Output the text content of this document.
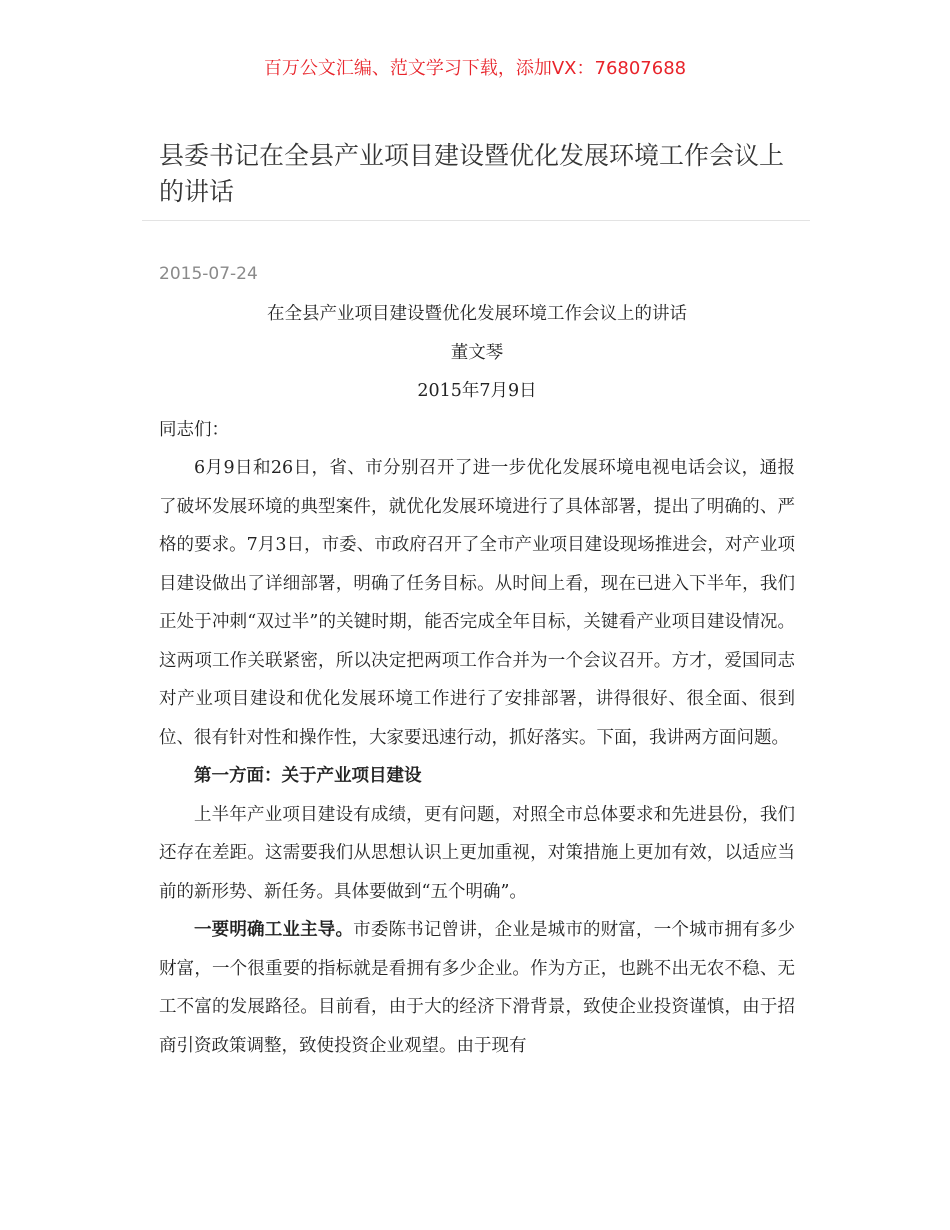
百万公文汇编、范文学习下载，添加VX：76807688
县委书记在全县产业项目建设暨优化发展环境工作会议上的讲话
2015-07-24

在全县产业项目建设暨优化发展环境工作会议上的讲话

董文琴

2015年7月9日

同志们：

6月9日和26日，省、市分别召开了进一步优化发展环境电视电话会议，通报了破坏发展环境的典型案件，就优化发展环境进行了具体部署，提出了明确的、严格的要求。7月3日，市委、市政府召开了全市产业项目建设现场推进会，对产业项目建设做出了详细部署，明确了任务目标。从时间上看，现在已进入下半年，我们正处于冲刺“双过半”的关键时期，能否完成全年目标，关键看产业项目建设情况。这两项工作关联紧密，所以决定把两项工作合并为一个会议召开。方才，爱国同志对产业项目建设和优化发展环境工作进行了安排部署，讲得很好、很全面、很到位、很有针对性和操作性，大家要迅速行动，抓好落实。下面，我讲两方面问题。

第一方面：关于产业项目建设

上半年产业项目建设有成绩，更有问题，对照全市总体要求和先进县份，我们还存在差距。这需要我们从思想认识上更加重视，对策措施上更加有效，以适应当前的新形势、新任务。具体要做到“五个明确”。

一要明确工业主导。市委陈书记曾讲，企业是城市的财富，一个城市拥有多少财富，一个很重要的指标就是看拥有多少企业。作为方正，也跳不出无农不稳、无工不富的发展路径。目前看，由于大的经济下滑背景，致使企业投资谨慎，由于招商引资政策调整，致使投资企业观望。由于现有
